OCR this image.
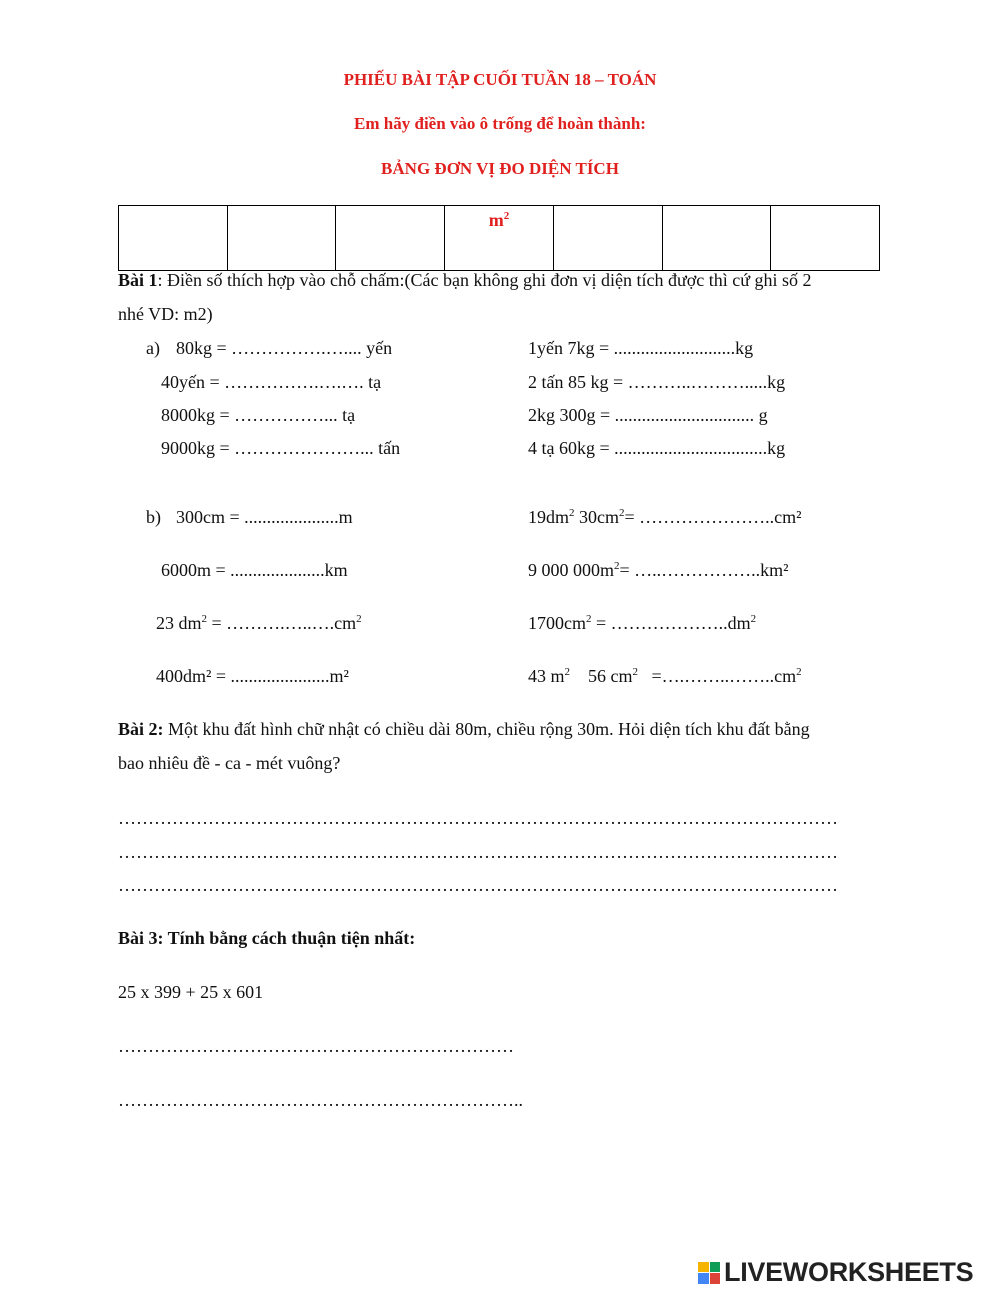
PHIẾU BÀI TẬP CUỐI TUẦN 18 – TOÁN
Em hãy điền vào ô trống để hoàn thành:
BẢNG ĐƠN VỊ ĐO DIỆN TÍCH
			$m^2$			
Bài 1: Điền số thích hợp vào chỗ chấm:(Các bạn không ghi đơn vị diện tích được thì cứ ghi số 2
nhé VD: m2)
a) 80kg = …………….….... yến
40yến = …………….….…. tạ
8000kg = ……………... tạ
9000kg = …………………... tấn
1yến 7kg = ...........................kg
2 tấn 85 kg = ………..……….....kg
2kg 300g = ............................... g
4 tạ 60kg = ..................................kg
b) 300cm = .....................m
6000m = .....................km
23 $dm^2$ = $\dots\dots\dots.\dots..\dots.cm^2$
400dm² = ......................m²
$19dm^2$ $30cm^2=$ …………………..cm²
9 000 $000m^2=$ …..……………..km²
$1700cm^2$ = $\dots\dots\dots\dots\dots\dots..dm^2$
43 $m^2$    56 $cm^2$   $=\dots.\dots\dots..\dots\dots..cm^2$
Bài 2: Một khu đất hình chữ nhật có chiều dài 80m, chiều rộng 30m. Hỏi diện tích khu đất bằng
bao nhiêu đề - ca - mét vuông?
…………………………………………………………………………………………………………
…………………………………………………………………………………………………………
…………………………………………………………………………………………………………
Bài 3: Tính bằng cách thuận tiện nhất:
25 x 399 + 25 x 601
…………………………………………………………
…………………………………………………………..
LIVEWORKSHEETS
